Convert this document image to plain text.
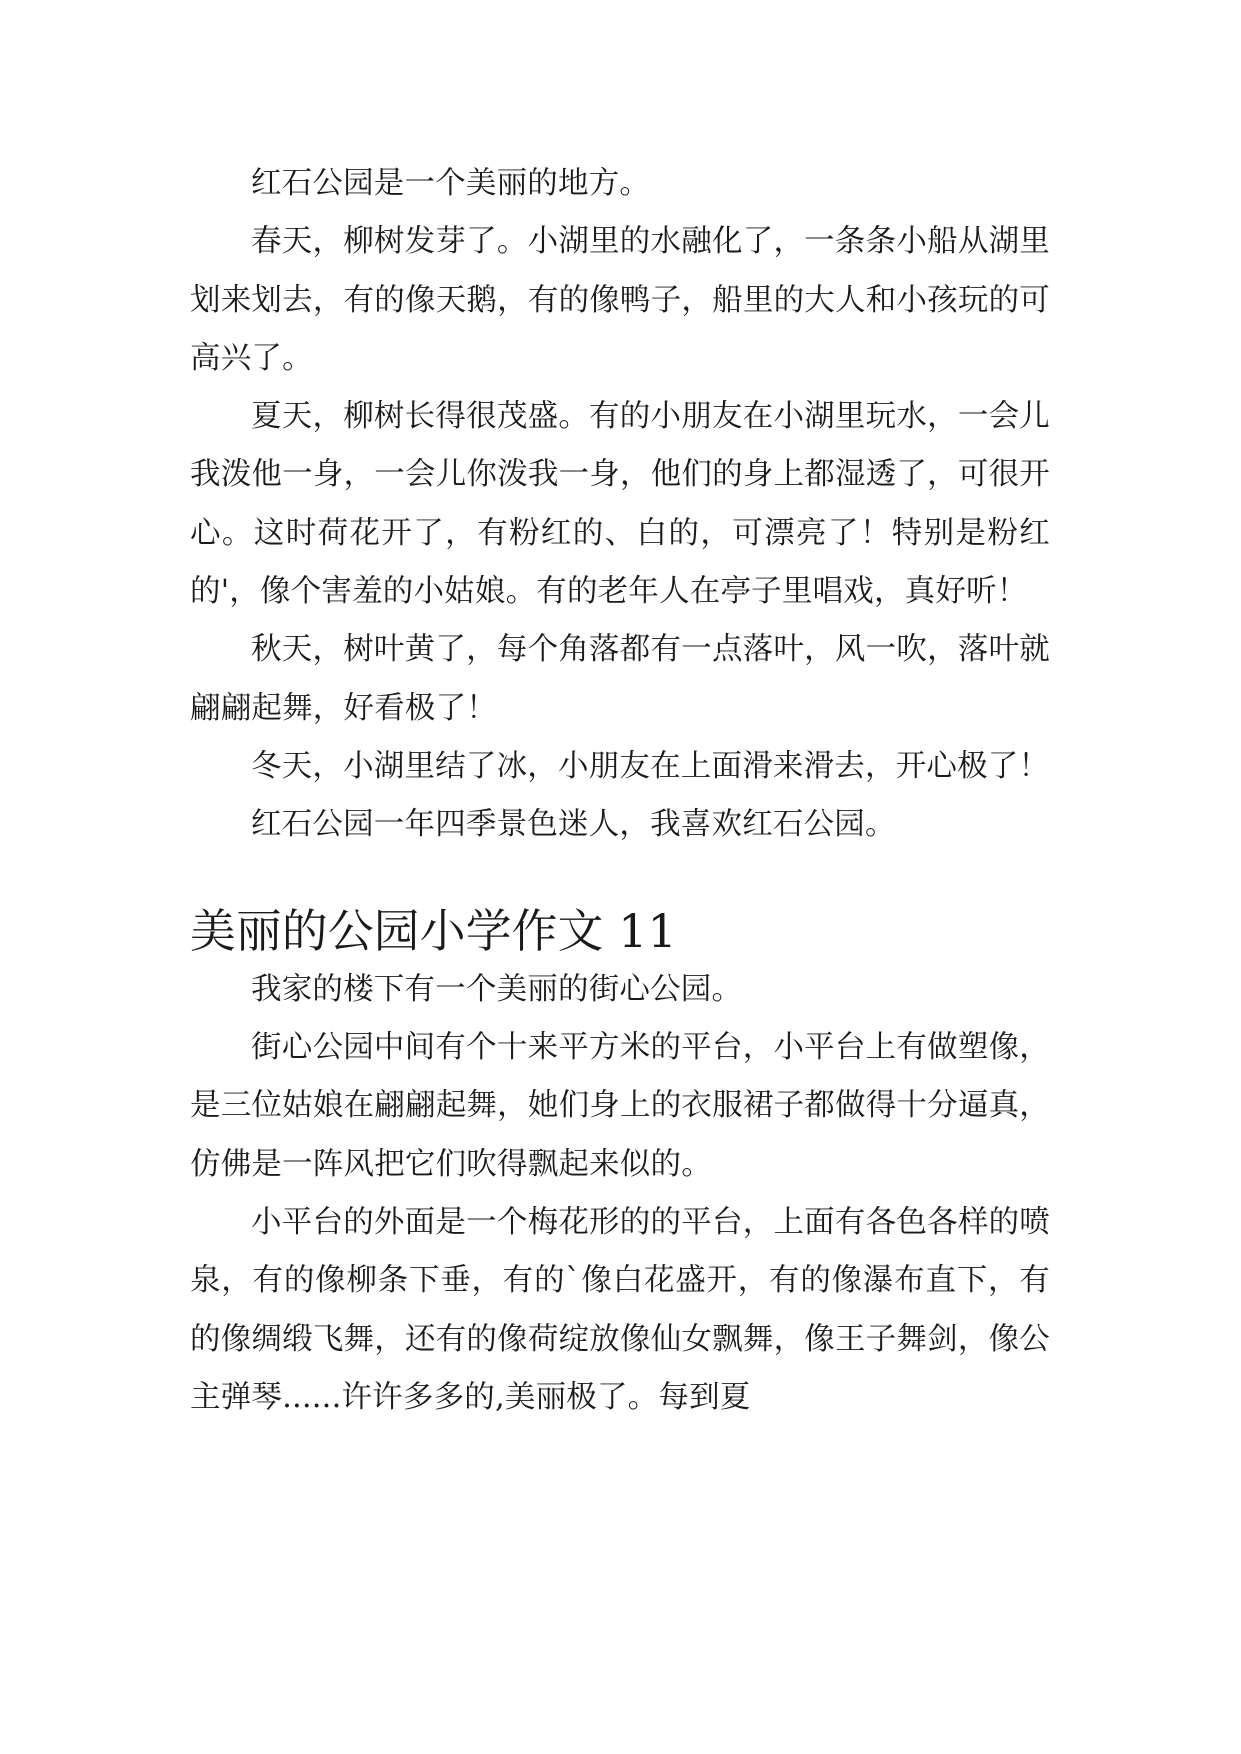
红石公园是一个美丽的地方。

春天，柳树发芽了。小湖里的水融化了，一条条小船从湖里划来划去，有的像天鹅，有的像鸭子，船里的大人和小孩玩的可高兴了。

夏天，柳树长得很茂盛。有的小朋友在小湖里玩水，一会儿我泼他一身，一会儿你泼我一身，他们的身上都湿透了，可很开心。这时荷花开了，有粉红的、白的，可漂亮了！特别是粉红的'，像个害羞的小姑娘。有的老年人在亭子里唱戏，真好听！

秋天，树叶黄了，每个角落都有一点落叶，风一吹，落叶就翩翩起舞，好看极了！

冬天，小湖里结了冰，小朋友在上面滑来滑去，开心极了！

红石公园一年四季景色迷人，我喜欢红石公园。

美丽的公园小学作文 11

我家的楼下有一个美丽的街心公园。

街心公园中间有个十来平方米的平台，小平台上有做塑像，是三位姑娘在翩翩起舞，她们身上的衣服裙子都做得十分逼真，仿佛是一阵风把它们吹得飘起来似的。

小平台的外面是一个梅花形的的平台，上面有各色各样的喷泉，有的像柳条下垂，有的`像白花盛开，有的像瀑布直下，有的像绸缎飞舞，还有的像荷绽放像仙女飘舞，像王子舞剑，像公主弹琴......许许多多的,美丽极了。每到夏
